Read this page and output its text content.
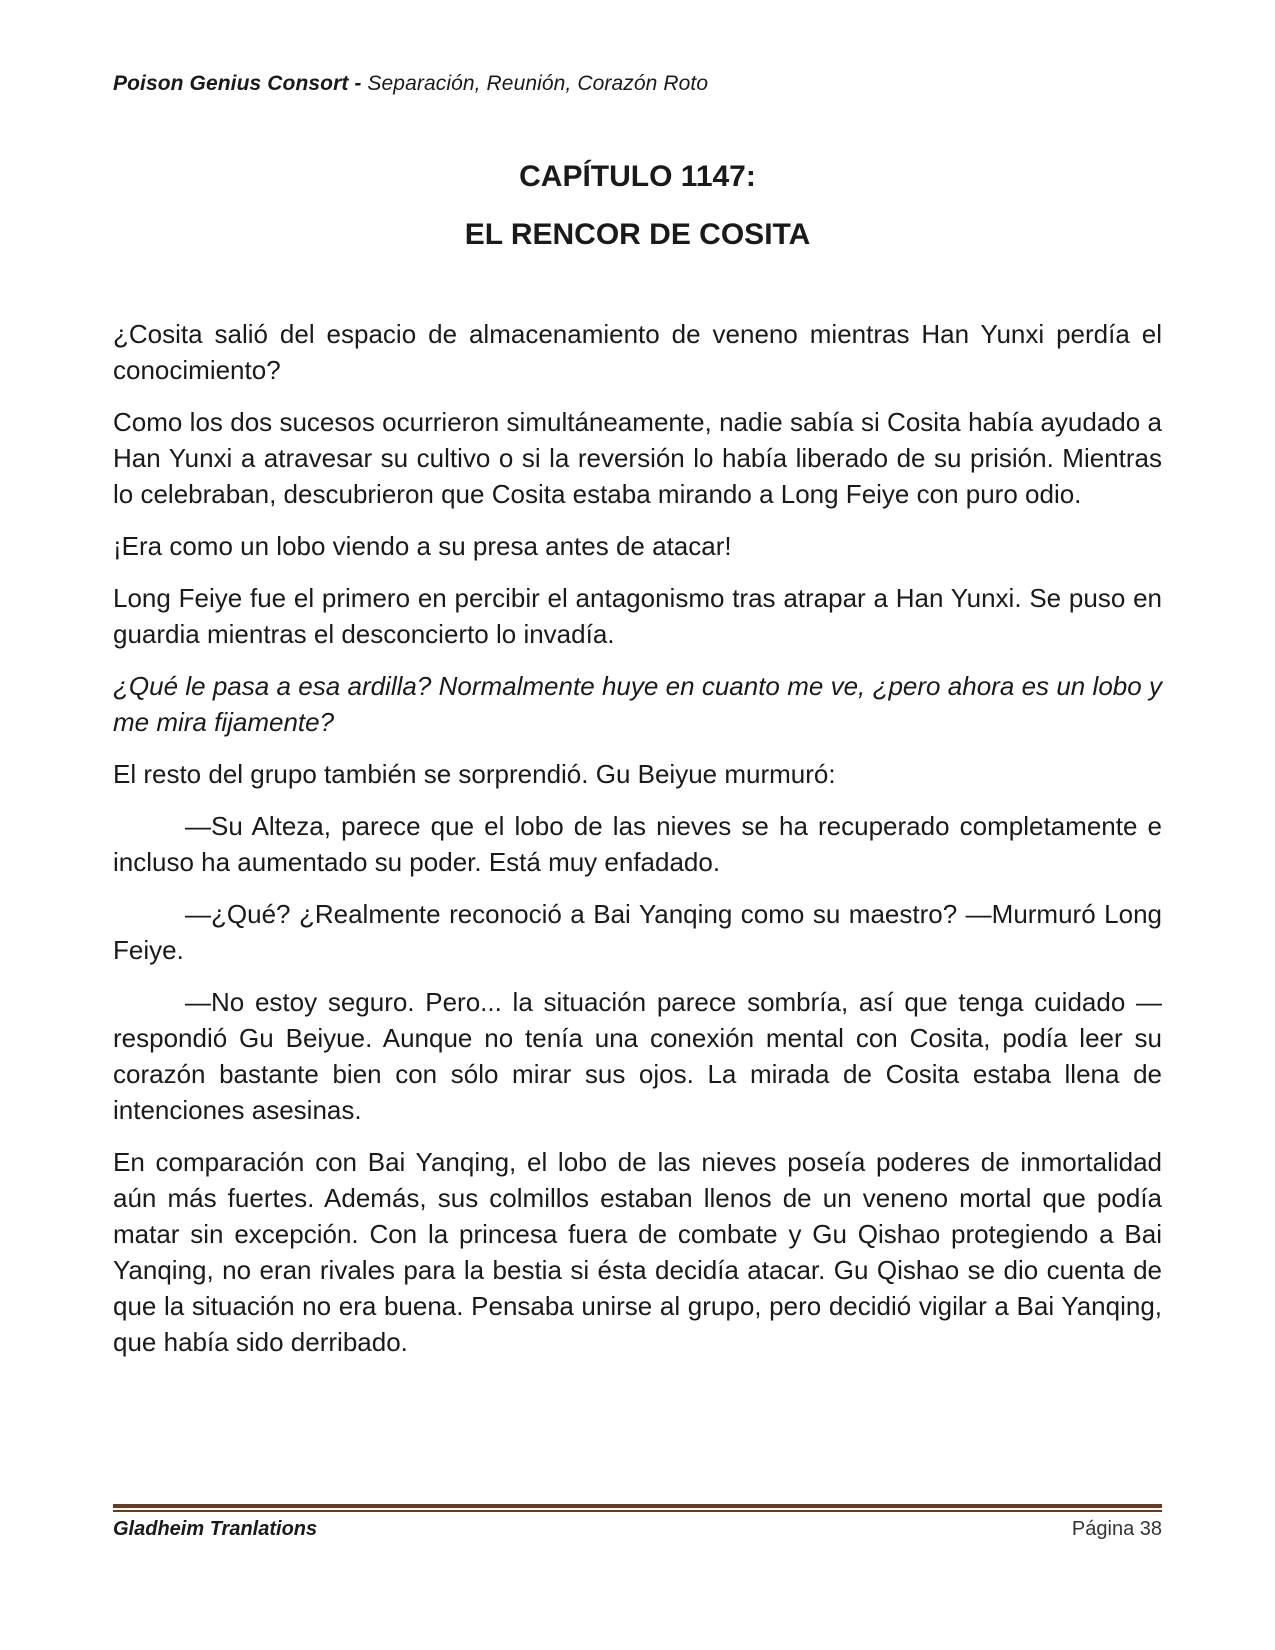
Poison Genius Consort - Separación, Reunión, Corazón Roto
CAPÍTULO 1147:
EL RENCOR DE COSITA

¿Cosita salió del espacio de almacenamiento de veneno mientras Han Yunxi perdía el conocimiento?

Como los dos sucesos ocurrieron simultáneamente, nadie sabía si Cosita había ayudado a Han Yunxi a atravesar su cultivo o si la reversión lo había liberado de su prisión. Mientras lo celebraban, descubrieron que Cosita estaba mirando a Long Feiye con puro odio.

¡Era como un lobo viendo a su presa antes de atacar!

Long Feiye fue el primero en percibir el antagonismo tras atrapar a Han Yunxi. Se puso en guardia mientras el desconcierto lo invadía.

¿Qué le pasa a esa ardilla? Normalmente huye en cuanto me ve, ¿pero ahora es un lobo y me mira fijamente?

El resto del grupo también se sorprendió. Gu Beiyue murmuró:

—Su Alteza, parece que el lobo de las nieves se ha recuperado completamente e incluso ha aumentado su poder. Está muy enfadado.

—¿Qué? ¿Realmente reconoció a Bai Yanqing como su maestro? —Murmuró Long Feiye.

—No estoy seguro. Pero... la situación parece sombría, así que tenga cuidado —respondió Gu Beiyue. Aunque no tenía una conexión mental con Cosita, podía leer su corazón bastante bien con sólo mirar sus ojos. La mirada de Cosita estaba llena de intenciones asesinas.

En comparación con Bai Yanqing, el lobo de las nieves poseía poderes de inmortalidad aún más fuertes. Además, sus colmillos estaban llenos de un veneno mortal que podía matar sin excepción. Con la princesa fuera de combate y Gu Qishao protegiendo a Bai Yanqing, no eran rivales para la bestia si ésta decidía atacar. Gu Qishao se dio cuenta de que la situación no era buena. Pensaba unirse al grupo, pero decidió vigilar a Bai Yanqing, que había sido derribado.

Gladheim Tranlations	Página 38
